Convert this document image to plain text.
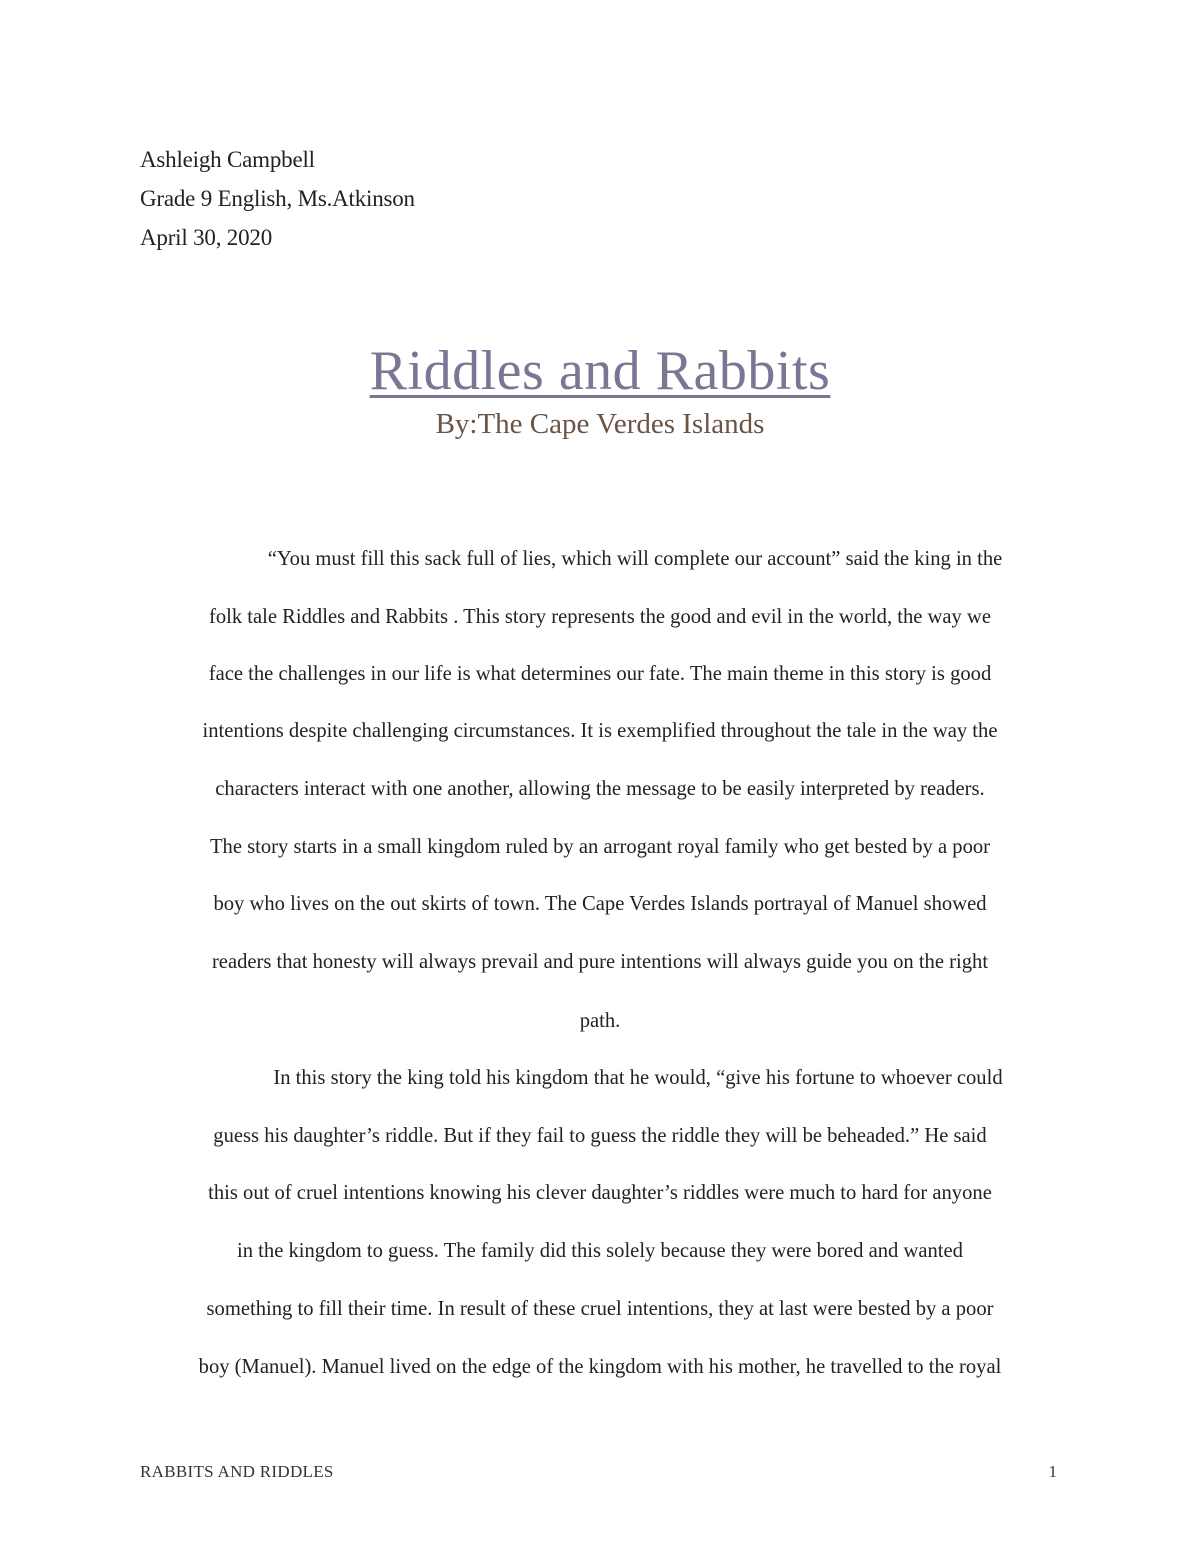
Ashleigh Campbell
Grade 9 English, Ms.Atkinson
April 30, 2020
Riddles and Rabbits
By:The Cape Verdes Islands
“You must fill this sack full of lies, which will complete our account” said the king in the
folk tale Riddles and Rabbits . This story represents the good and evil in the world, the way we
face the challenges in our life is what determines our fate. The main theme in this story is good
intentions despite challenging circumstances. It is exemplified throughout the tale in the way the
characters interact with one another, allowing the message to be easily interpreted by readers.
The story starts in a small kingdom ruled by an arrogant royal family who get bested by a poor
boy who lives on the out skirts of town. The Cape Verdes Islands portrayal of Manuel showed
readers that honesty will always prevail and pure intentions will always guide you on the right
path.
In this story the king told his kingdom that he would, “give his fortune to whoever could
guess his daughter’s riddle. But if they fail to guess the riddle they will be beheaded.” He said
this out of cruel intentions knowing his clever daughter’s riddles were much to hard for anyone
in the kingdom to guess. The family did this solely because they were bored and wanted
something to fill their time. In result of these cruel intentions, they at last were bested by a poor
boy (Manuel). Manuel lived on the edge of the kingdom with his mother, he travelled to the royal
RABBITS AND RIDDLES	1
